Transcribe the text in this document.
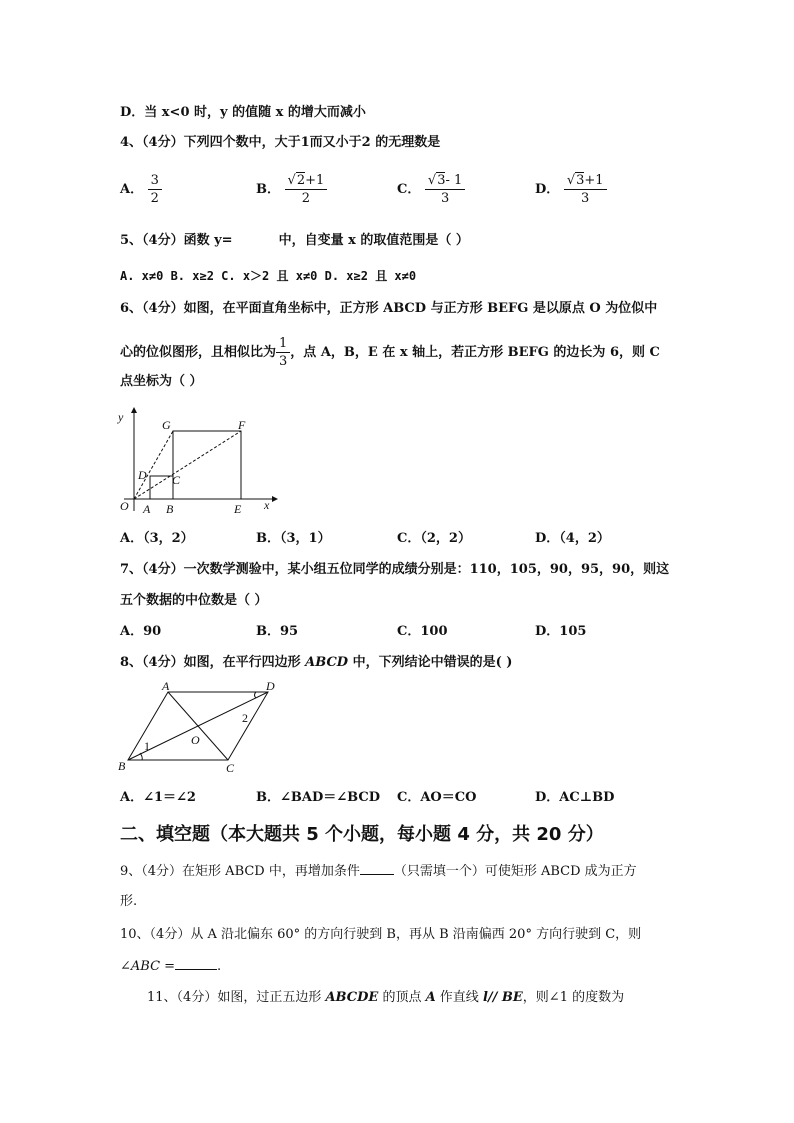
D．当 x<0 时，y 的值随 x 的增大而减小
4、（4分）下列四个数中，大于1而又小于2 的无理数是
A． $\frac{3}{2}$	B． $\frac{√2+1}{2}$	C． $\frac{√3- 1}{3}$	D． $\frac{√3+1}{3}$
5、（4分）函数 y=	中，自变量 x 的取值范围是（ ）
A. x≠0 B. x≥2 C. x＞2 且 x≠0 D. x≥2 且 x≠0
6、（4分）如图，在平面直角坐标中，正方形 ABCD 与正方形 BEFG 是以原点 O 为位似中
心的位似图形，且相似比为 $\frac{1}{3}$ ，点 A，B，E 在 x 轴上，若正方形 BEFG 的边长为 6，则 C
点坐标为（ ）
y
x
O A B	E
D C
G	F
A．（3，2）	B．（3，1）	C．（2，2）	D．（4，2）
7、（4分）一次数学测验中，某小组五位同学的成绩分别是：110，105，90，95，90，则这
五个数据的中位数是（ ）
A．90	B．95	C．100	D．105
8、（4分）如图，在平行四边形 ABCD 中，下列结论中错误的是( )
A	D
B	C
O
1
2
A．∠1＝∠2	B．∠BAD＝∠BCD C．AO＝CO	D．AC⊥BD
二、填空题（本大题共 5 个小题，每小题 4 分，共 20 分）
9、（4分）在矩形 ABCD 中，再增加条件	（只需填一个）可使矩形 ABCD 成为正方
形.
10、（4分）从 A 沿北偏东 60° 的方向行驶到 B，再从 B 沿南偏西 20° 方向行驶到 C，则
∠ABC =	.
11、（4分）如图，过正五边形 ABCDE 的顶点 A 作直线 l// BE，则∠1 的度数为
